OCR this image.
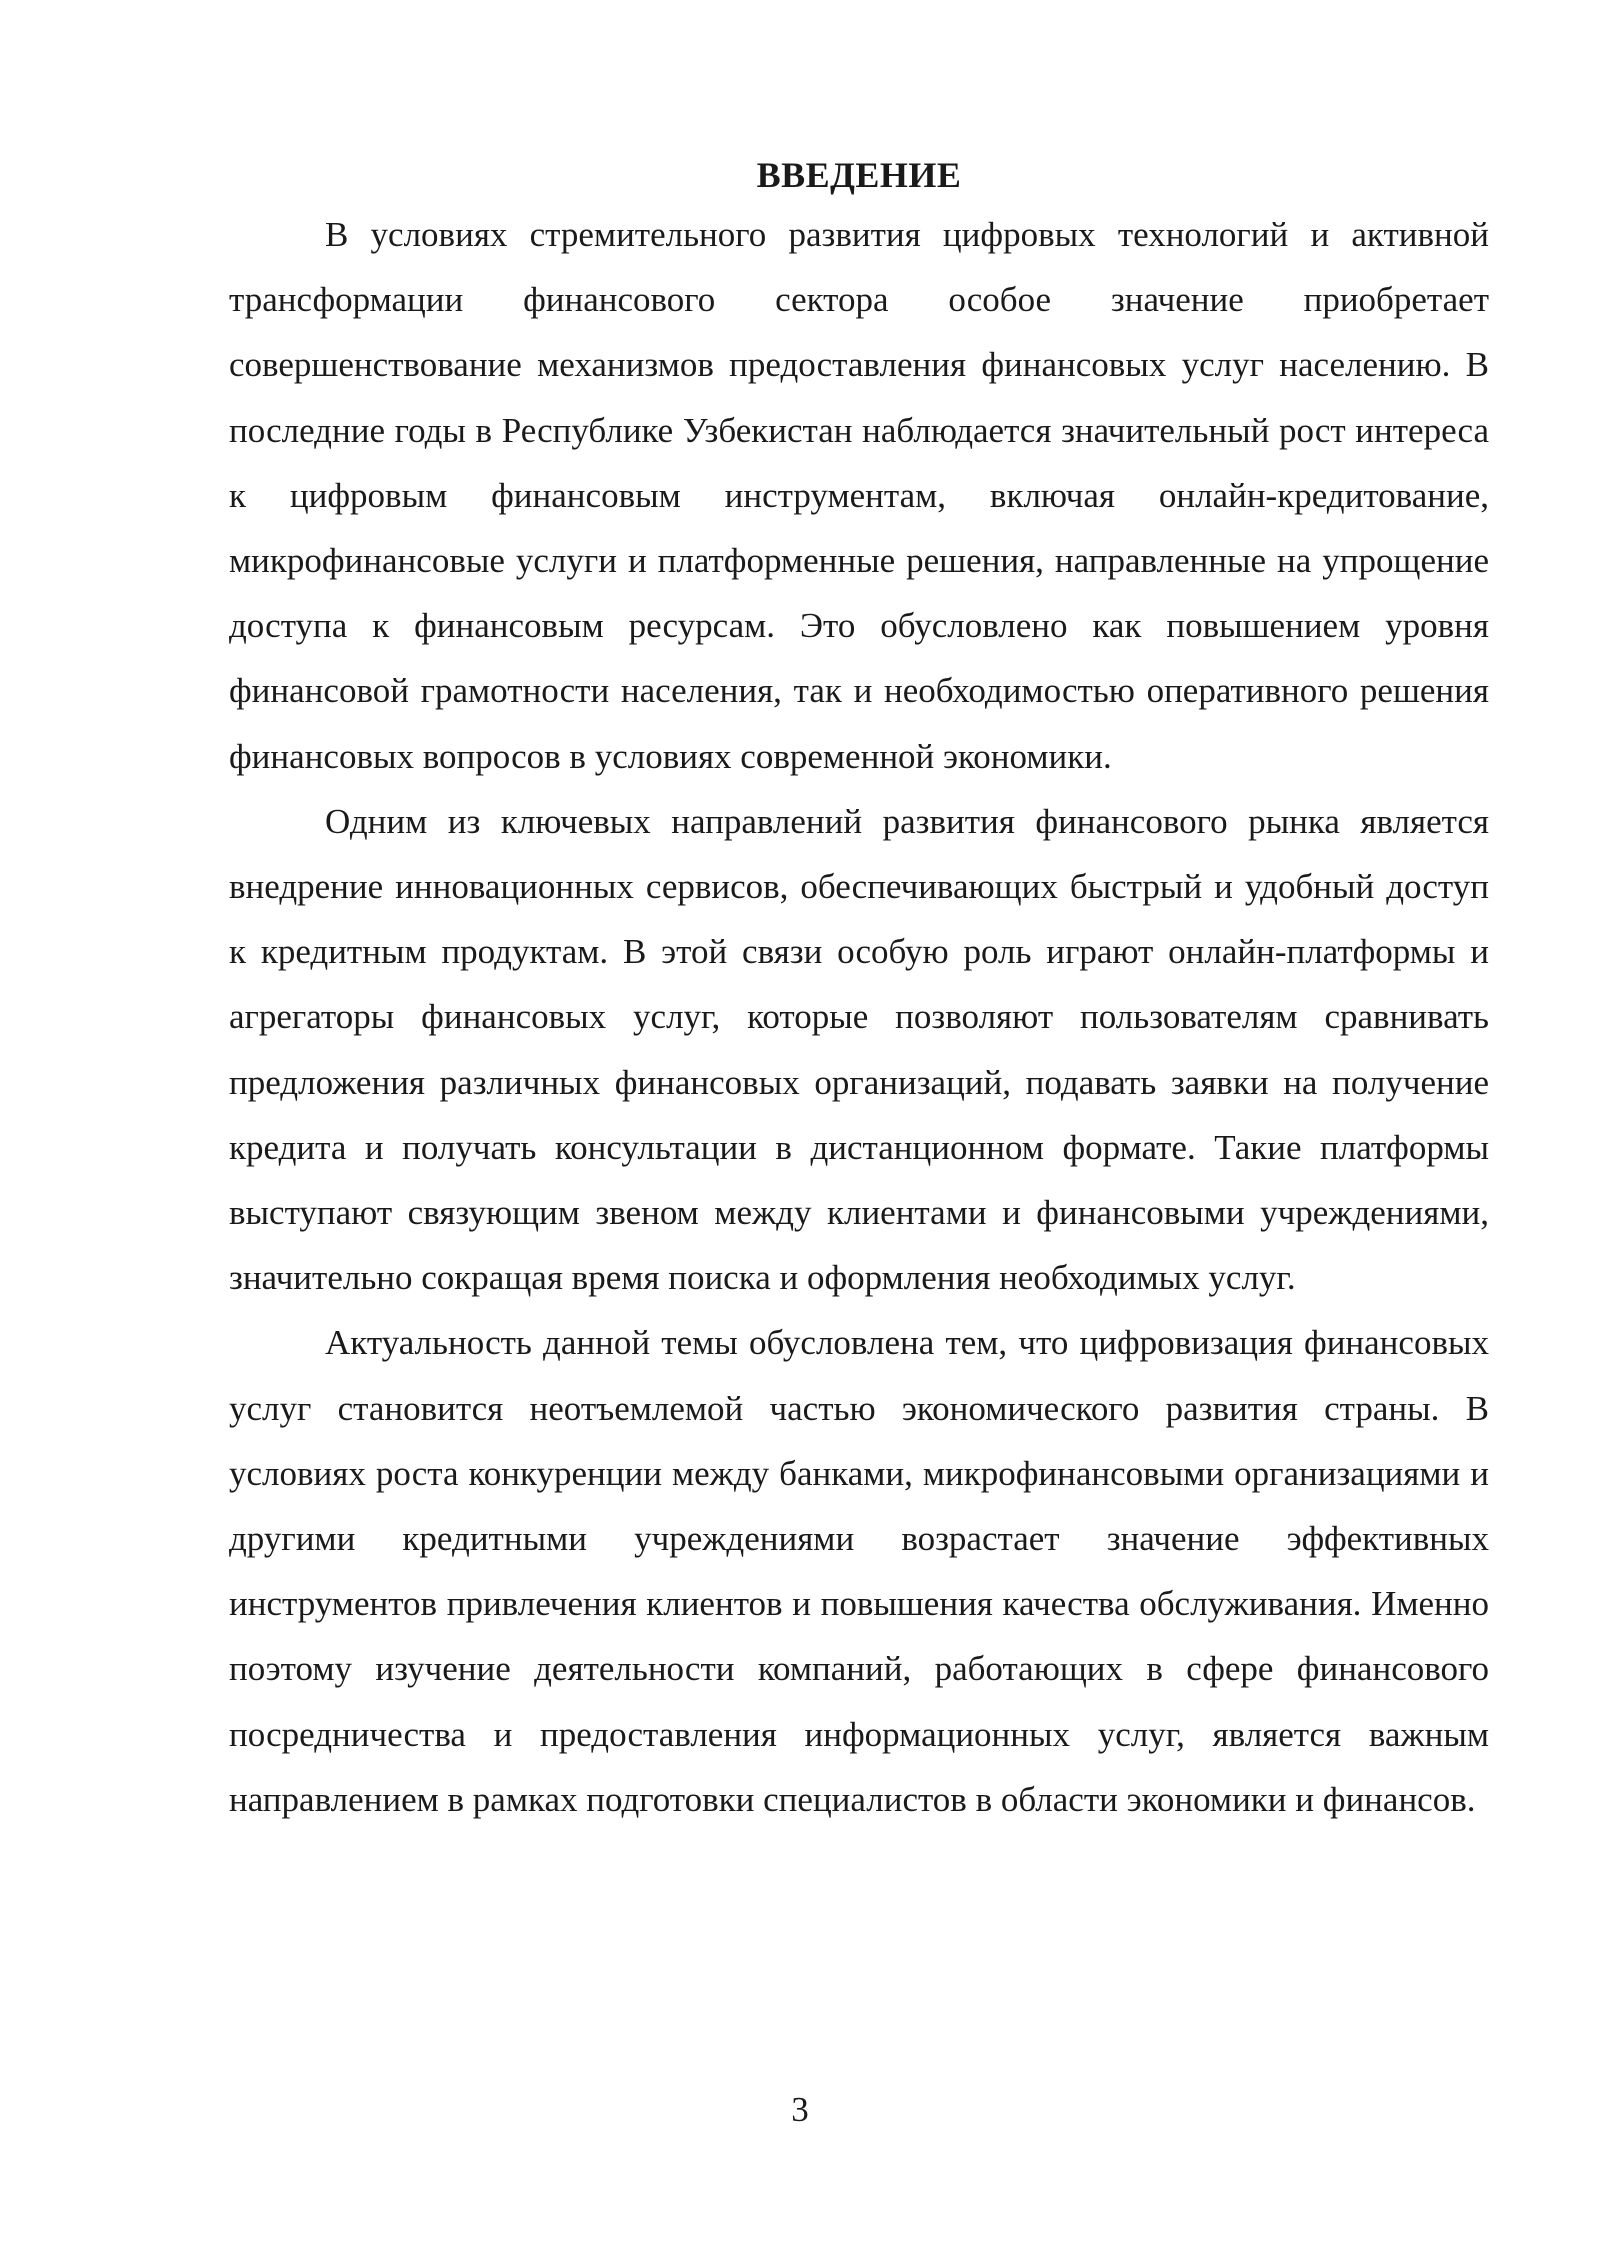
ВВЕДЕНИЕ

В условиях стремительного развития цифровых технологий и активной трансформации финансового сектора особое значение приобретает совершенствование механизмов предоставления финансовых услуг населению. В последние годы в Республике Узбекистан наблюдается значительный рост интереса к цифровым финансовым инструментам, включая онлайн-кредитование, микрофинансовые услуги и платформенные решения, направленные на упрощение доступа к финансовым ресурсам. Это обусловлено как повышением уровня финансовой грамотности населения, так и необходимостью оперативного решения финансовых вопросов в условиях современной экономики.

Одним из ключевых направлений развития финансового рынка является внедрение инновационных сервисов, обеспечивающих быстрый и удобный доступ к кредитным продуктам. В этой связи особую роль играют онлайн-платформы и агрегаторы финансовых услуг, которые позволяют пользователям сравнивать предложения различных финансовых организаций, подавать заявки на получение кредита и получать консультации в дистанционном формате. Такие платформы выступают связующим звеном между клиентами и финансовыми учреждениями, значительно сокращая время поиска и оформления необходимых услуг.

Актуальность данной темы обусловлена тем, что цифровизация финансовых услуг становится неотъемлемой частью экономического развития страны. В условиях роста конкуренции между банками, микрофинансовыми организациями и другими кредитными учреждениями возрастает значение эффективных инструментов привлечения клиентов и повышения качества обслуживания. Именно поэтому изучение деятельности компаний, работающих в сфере финансового посредничества и предоставления информационных услуг, является важным направлением в рамках подготовки специалистов в области экономики и финансов.

3
